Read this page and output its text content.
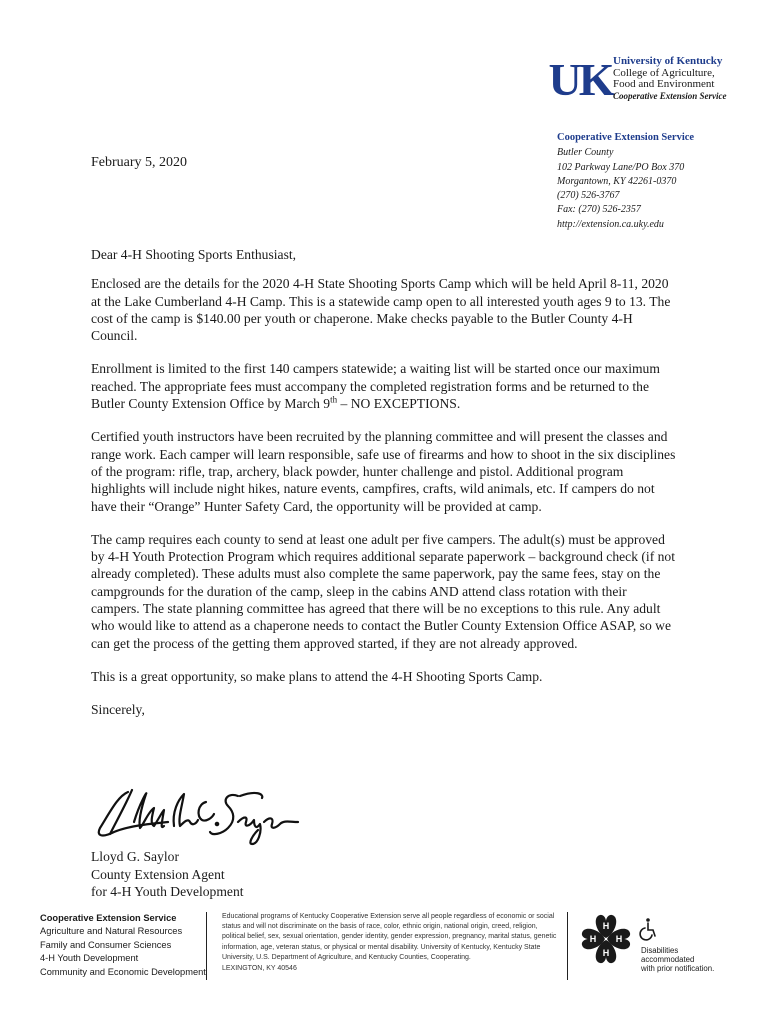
UK University of Kentucky
College of Agriculture,
Food and Environment
Cooperative Extension Service
Cooperative Extension Service
Butler County
102 Parkway Lane/PO Box 370
Morgantown, KY 42261-0370
(270) 526-3767
Fax: (270) 526-2357
http://extension.ca.uky.edu
February 5, 2020

Dear 4-H Shooting Sports Enthusiast,

Enclosed are the details for the 2020 4-H State Shooting Sports Camp which will be held April 8-11, 2020 at the Lake Cumberland 4-H Camp. This is a statewide camp open to all interested youth ages 9 to 13. The cost of the camp is $140.00 per youth or chaperone. Make checks payable to the Butler County 4-H Council.

Enrollment is limited to the first 140 campers statewide; a waiting list will be started once our maximum reached. The appropriate fees must accompany the completed registration forms and be returned to the Butler County Extension Office by March 9th – NO EXCEPTIONS.

Certified youth instructors have been recruited by the planning committee and will present the classes and range work. Each camper will learn responsible, safe use of firearms and how to shoot in the six disciplines of the program: rifle, trap, archery, black powder, hunter challenge and pistol. Additional program highlights will include night hikes, nature events, campfires, crafts, wild animals, etc. If campers do not have their “Orange” Hunter Safety Card, the opportunity will be provided at camp.

The camp requires each county to send at least one adult per five campers. The adult(s) must be approved by 4-H Youth Protection Program which requires additional separate paperwork – background check (if not already completed). These adults must also complete the same paperwork, pay the same fees, stay on the campgrounds for the duration of the camp, sleep in the cabins AND attend class rotation with their campers. The state planning committee has agreed that there will be no exceptions to this rule. Any adult who would like to attend as a chaperone needs to contact the Butler County Extension Office ASAP, so we can get the process of the getting them approved started, if they are not already approved.

This is a great opportunity, so make plans to attend the 4-H Shooting Sports Camp.

Sincerely,

Lloyd G. Saylor
County Extension Agent
for 4-H Youth Development
Cooperative Extension Service
Agriculture and Natural Resources
Family and Consumer Sciences
4-H Youth Development
Community and Economic Development
Educational programs of Kentucky Cooperative Extension serve all people regardless of economic or social status and will not discriminate on the basis of race, color, ethnic origin, national origin, creed, religion, political belief, sex, sexual orientation, gender identity, gender expression, pregnancy, marital status, genetic information, age, veteran status, or physical or mental disability. University of Kentucky, Kentucky State University, U.S. Department of Agriculture, and Kentucky Counties, Cooperating.
LEXINGTON, KY 40546
H
H
H
H
Disabilities
accommodated
with prior notification.
